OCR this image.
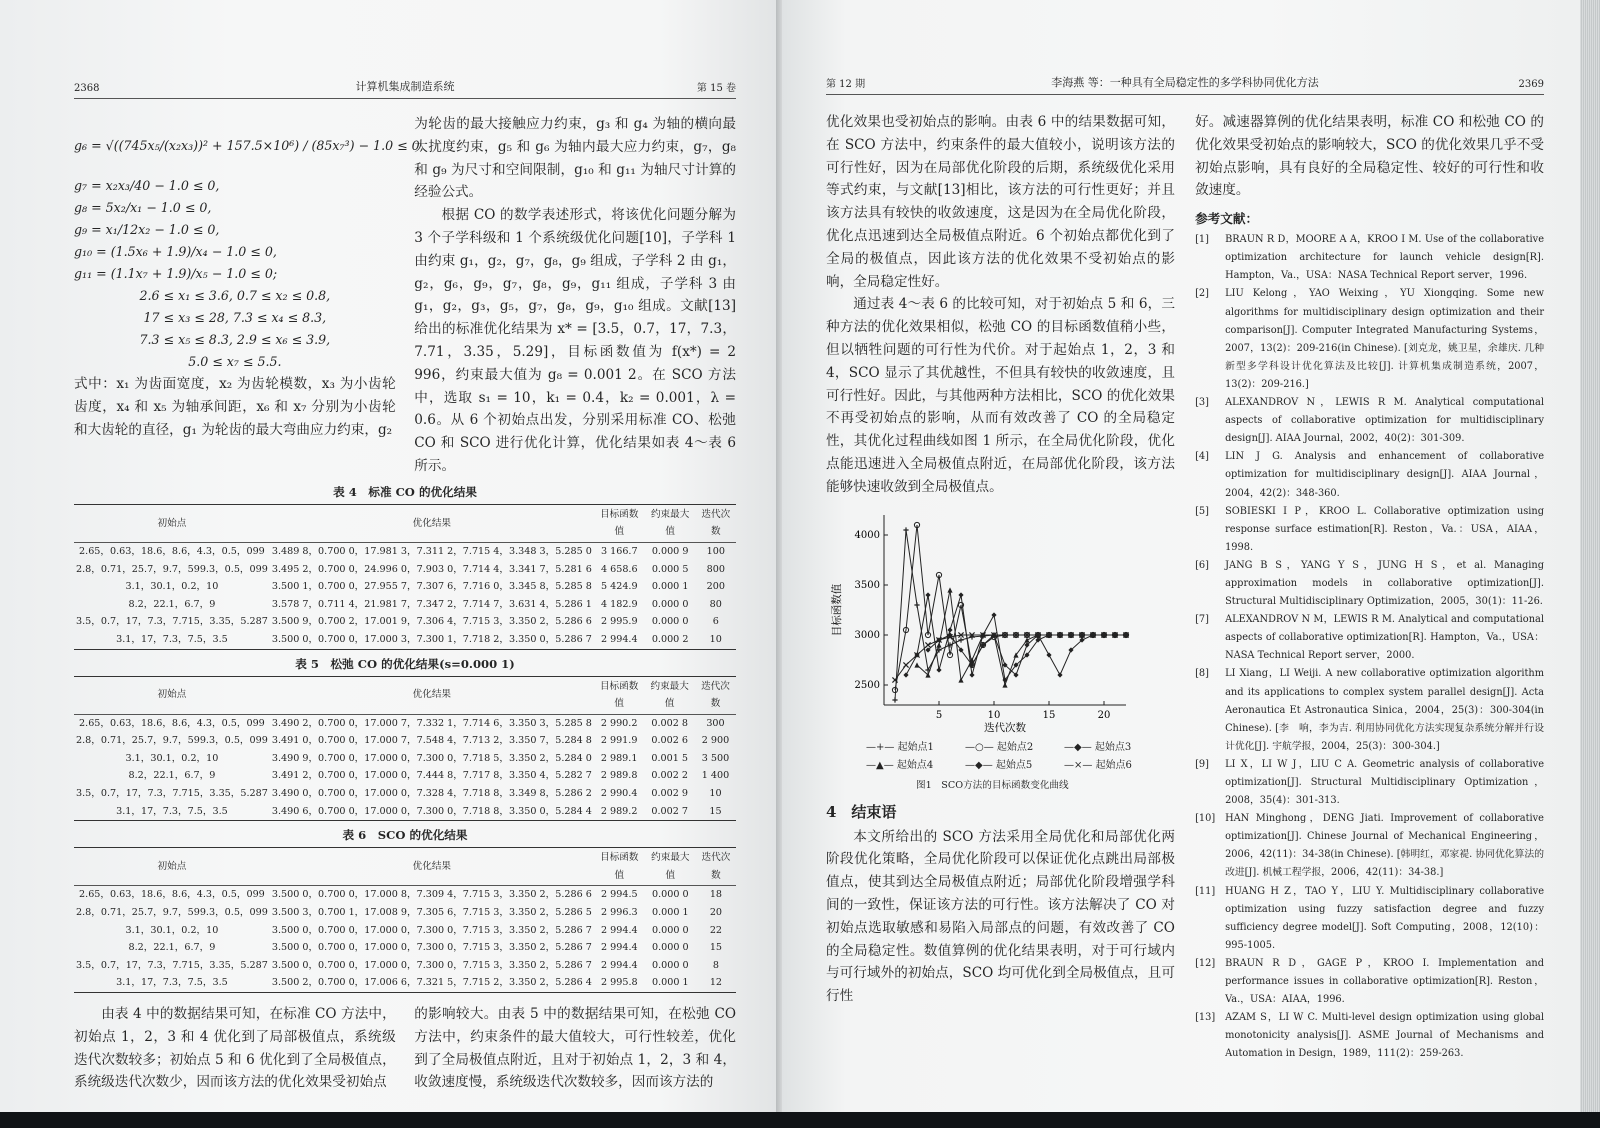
2368	计算机集成制造系统	第 15 卷
g₆ = √((745x₅/(x₂x₃))² + 157.5×10⁶) / (85x₇³) − 1.0 ≤ 0,
g₇ = x₂x₃/40 − 1.0 ≤ 0,
g₈ = 5x₂/x₁ − 1.0 ≤ 0,
g₉ = x₁/12x₂ − 1.0 ≤ 0,
g₁₀ = (1.5x₆ + 1.9)/x₄ − 1.0 ≤ 0,
g₁₁ = (1.1x₇ + 1.9)/x₅ − 1.0 ≤ 0;
2.6 ≤ x₁ ≤ 3.6, 0.7 ≤ x₂ ≤ 0.8,
17 ≤ x₃ ≤ 28, 7.3 ≤ x₄ ≤ 8.3,
7.3 ≤ x₅ ≤ 8.3, 2.9 ≤ x₆ ≤ 3.9,
5.0 ≤ x₇ ≤ 5.5.

式中：x₁ 为齿面宽度，x₂ 为齿轮模数，x₃ 为小齿轮齿度，x₄ 和 x₅ 为轴承间距，x₆ 和 x₇ 分别为小齿轮和大齿轮的直径，g₁ 为轮齿的最大弯曲应力约束，g₂

为轮齿的最大接触应力约束，g₃ 和 g₄ 为轴的横向最大扰度约束，g₅ 和 g₆ 为轴内最大应力约束，g₇，g₈ 和 g₉ 为尺寸和空间限制，g₁₀ 和 g₁₁ 为轴尺寸计算的经验公式。

根据 CO 的数学表述形式，将该优化问题分解为 3 个子学科级和 1 个系统级优化问题[10]，子学科 1 由约束 g₁，g₂，g₇，g₈，g₉ 组成，子学科 2 由 g₁，g₂，g₆，g₉，g₇，g₈，g₉，g₁₁ 组成，子学科 3 由 g₁，g₂，g₃，g₅，g₇，g₈，g₉，g₁₀ 组成。文献[13]给出的标准优化结果为 x* = [3.5，0.7，17，7.3，7.71，3.35，5.29]，目标函数值为 f(x*) = 2 996，约束最大值为 g₈ = 0.001 2。在 SCO 方法中，选取 s₁ = 10，k₁ = 0.4，k₂ = 0.001，λ = 0.6。从 6 个初始点出发，分别采用标准 CO、松弛 CO 和 SCO 进行优化计算，优化结果如表 4～表 6 所示。

表 4　标准 CO 的优化结果
初始点	优化结果	目标函数值	约束最大值	迭代次数
2.65，0.63，18.6，8.6，4.3，0.5，099	3.489 8，0.700 0，17.981 3，7.311 2，7.715 4，3.348 3，5.285 0	3 166.7	0.000 9	100
2.8，0.71，25.7，9.7，599.3，0.5，099	3.495 2，0.700 0，24.996 0，7.903 0，7.714 4，3.341 7，5.281 6	4 658.6	0.000 5	800
3.1，30.1，0.2，10	3.500 1，0.700 0，27.955 7，7.307 6，7.716 0，3.345 8，5.285 8	5 424.9	0.000 1	200
8.2，22.1，6.7，9	3.578 7，0.711 4，21.981 7，7.347 2，7.714 7，3.631 4，5.286 1	4 182.9	0.000 0	80
3.5，0.7，17，7.3，7.715，3.35，5.287	3.500 9，0.700 2，17.001 9，7.306 4，7.715 3，3.350 2，5.286 6	2 995.9	0.000 0	6
3.1，17，7.3，7.5，3.5	3.500 0，0.700 0，17.000 3，7.300 1，7.718 2，3.350 0，5.286 7	2 994.4	0.000 2	10
表 5　松弛 CO 的优化结果(s=0.000 1)
初始点	优化结果	目标函数值	约束最大值	迭代次数
2.65，0.63，18.6，8.6，4.3，0.5，099	3.490 2，0.700 0，17.000 7，7.332 1，7.714 6，3.350 3，5.285 8	2 990.2	0.002 8	300
2.8，0.71，25.7，9.7，599.3，0.5，099	3.491 0，0.700 0，17.000 7，7.548 4，7.713 2，3.350 7，5.284 8	2 991.9	0.002 6	2 900
3.1，30.1，0.2，10	3.490 9，0.700 0，17.000 0，7.300 0，7.718 5，3.350 2，5.284 0	2 989.1	0.001 5	3 500
8.2，22.1，6.7，9	3.491 2，0.700 0，17.000 0，7.444 8，7.717 8，3.350 4，5.282 7	2 989.8	0.002 2	1 400
3.5，0.7，17，7.3，7.715，3.35，5.287	3.490 0，0.700 0，17.000 0，7.328 4，7.718 8，3.349 8，5.286 2	2 990.4	0.002 9	10
3.1，17，7.3，7.5，3.5	3.490 6，0.700 0，17.000 0，7.300 0，7.718 8，3.350 0，5.284 4	2 989.2	0.002 7	15
表 6　SCO 的优化结果
初始点	优化结果	目标函数值	约束最大值	迭代次数
2.65，0.63，18.6，8.6，4.3，0.5，099	3.500 0，0.700 0，17.000 8，7.309 4，7.715 3，3.350 2，5.286 6	2 994.5	0.000 0	18
2.8，0.71，25.7，9.7，599.3，0.5，099	3.500 3，0.700 1，17.008 9，7.305 6，7.715 3，3.350 2，5.286 5	2 996.3	0.000 1	20
3.1，30.1，0.2，10	3.500 0，0.700 0，17.000 0，7.300 0，7.715 3，3.350 2，5.286 7	2 994.4	0.000 0	22
8.2，22.1，6.7，9	3.500 0，0.700 0，17.000 0，7.300 0，7.715 3，3.350 2，5.286 7	2 994.4	0.000 0	15
3.5，0.7，17，7.3，7.715，3.35，5.287	3.500 0，0.700 0，17.000 0，7.300 0，7.715 3，3.350 2，5.286 7	2 994.4	0.000 0	8
3.1，17，7.3，7.5，3.5	3.500 2，0.700 0，17.006 6，7.321 5，7.715 2，3.350 2，5.286 4	2 995.8	0.000 1	12

由表 4 中的数据结果可知，在标准 CO 方法中，初始点 1，2，3 和 4 优化到了局部极值点，系统级迭代次数较多；初始点 5 和 6 优化到了全局极值点，系统级迭代次数少，因而该方法的优化效果受初始点

的影响较大。由表 5 中的数据结果可知，在松弛 CO 方法中，约束条件的最大值较大，可行性较差，优化到了全局极值点附近，且对于初始点 1，2，3 和 4，收敛速度慢，系统级迭代次数较多，因而该方法的

第 12 期	李海燕 等：一种具有全局稳定性的多学科协同优化方法	2369

优化效果也受初始点的影响。由表 6 中的结果数据可知，在 SCO 方法中，约束条件的最大值较小，说明该方法的可行性好，因为在局部优化阶段的后期，系统级优化采用等式约束，与文献[13]相比，该方法的可行性更好；并且该方法具有较快的收敛速度，这是因为在全局优化阶段，优化点迅速到达全局极值点附近。6 个初始点都优化到了全局的极值点，因此该方法的优化效果不受初始点的影响，全局稳定性好。

通过表 4～表 6 的比较可知，对于初始点 5 和 6，三种方法的优化效果相似，松弛 CO 的目标函数值稍小些，但以牺牲问题的可行性为代价。对于起始点 1，2，3 和 4，SCO 显示了其优越性，不但具有较快的收敛速度，且可行性好。因此，与其他两种方法相比，SCO 的优化效果不再受初始点的影响，从而有效改善了 CO 的全局稳定性，其优化过程曲线如图 1 所示，在全局优化阶段，优化点能迅速进入全局极值点附近，在局部优化阶段，该方法能够快速收敛到全局极值点。

5	10	15	20
2500
3000
3500
4000
迭代次数
目标函数值
—+— 起始点1	—○— 起始点2	—◆— 起始点3
—▲— 起始点4	—◆— 起始点5	—×— 起始点6
图1　SCO方法的目标函数变化曲线
4　结束语

本文所给出的 SCO 方法采用全局优化和局部优化两阶段优化策略，全局优化阶段可以保证优化点跳出局部极值点，使其到达全局极值点附近；局部优化阶段增强学科间的一致性，保证该方法的可行性。该方法解决了 CO 对初始点选取敏感和易陷入局部点的问题，有效改善了 CO 的全局稳定性。数值算例的优化结果表明，对于可行域内与可行域外的初始点，SCO 均可优化到全局极值点，且可行性

好。减速器算例的优化结果表明，标准 CO 和松弛 CO 的优化效果受初始点的影响较大，SCO 的优化效果几乎不受初始点影响，具有良好的全局稳定性、较好的可行性和收敛速度。

参考文献：
[1]	BRAUN R D，MOORE A A，KROO I M. Use of the collaborative optimization architecture for launch vehicle design[R]. Hampton，Va.，USA：NASA Technical Report server，1996.
[2]	LIU Kelong，YAO Weixing，YU Xiongqing. Some new algorithms for multidisciplinary design optimization and their comparison[J]. Computer Integrated Manufacturing Systems，2007，13(2)：209-216(in Chinese). [刘克龙，姚卫星，余雄庆. 几种新型多学科设计优化算法及比较[J]. 计算机集成制造系统，2007，13(2)：209-216.]
[3]	ALEXANDROV N，LEWIS R M. Analytical computational aspects of collaborative optimization for multidisciplinary design[J]. AIAA Journal，2002，40(2)：301-309.
[4]	LIN J G. Analysis and enhancement of collaborative optimization for multidisciplinary design[J]. AIAA Journal，2004，42(2)：348-360.
[5]	SOBIESKI I P，KROO L. Collaborative optimization using response surface estimation[R]. Reston，Va.：USA，AIAA，1998.
[6]	JANG B S，YANG Y S，JUNG H S，et al. Managing approximation models in collaborative optimization[J]. Structural Multidisciplinary Optimization，2005，30(1)：11-26.
[7]	ALEXANDROV N M，LEWIS R M. Analytical and computational aspects of collaborative optimization[R]. Hampton，Va.，USA：NASA Technical Report server，2000.
[8]	LI Xiang，LI Weiji. A new collaborative optimization algorithm and its applications to complex system parallel design[J]. Acta Aeronautica Et Astronautica Sinica，2004，25(3)：300-304(in Chinese). [李　响，李为吉. 利用协同优化方法实现复杂系统分解并行设计优化[J]. 宇航学报，2004，25(3)：300-304.]
[9]	LI X，LI W J，LIU C A. Geometric analysis of collaborative optimization[J]. Structural Multidisciplinary Optimization，2008，35(4)：301-313.
[10]	HAN Minghong，DENG Jiati. Improvement of collaborative optimization[J]. Chinese Journal of Mechanical Engineering，2006，42(11)：34-38(in Chinese). [韩明红，邓家褆. 协同优化算法的改进[J]. 机械工程学报，2006，42(11)：34-38.]
[11]	HUANG H Z，TAO Y，LIU Y. Multidisciplinary collaborative optimization using fuzzy satisfaction degree and fuzzy sufficiency degree model[J]. Soft Computing，2008，12(10)：995-1005.
[12]	BRAUN R D，GAGE P，KROO I. Implementation and performance issues in collaborative optimization[R]. Reston，Va.，USA：AIAA，1996.
[13]	AZAM S，LI W C. Multi-level design optimization using global monotonicity analysis[J]. ASME Journal of Mechanisms and Automation in Design，1989，111(2)：259-263.
